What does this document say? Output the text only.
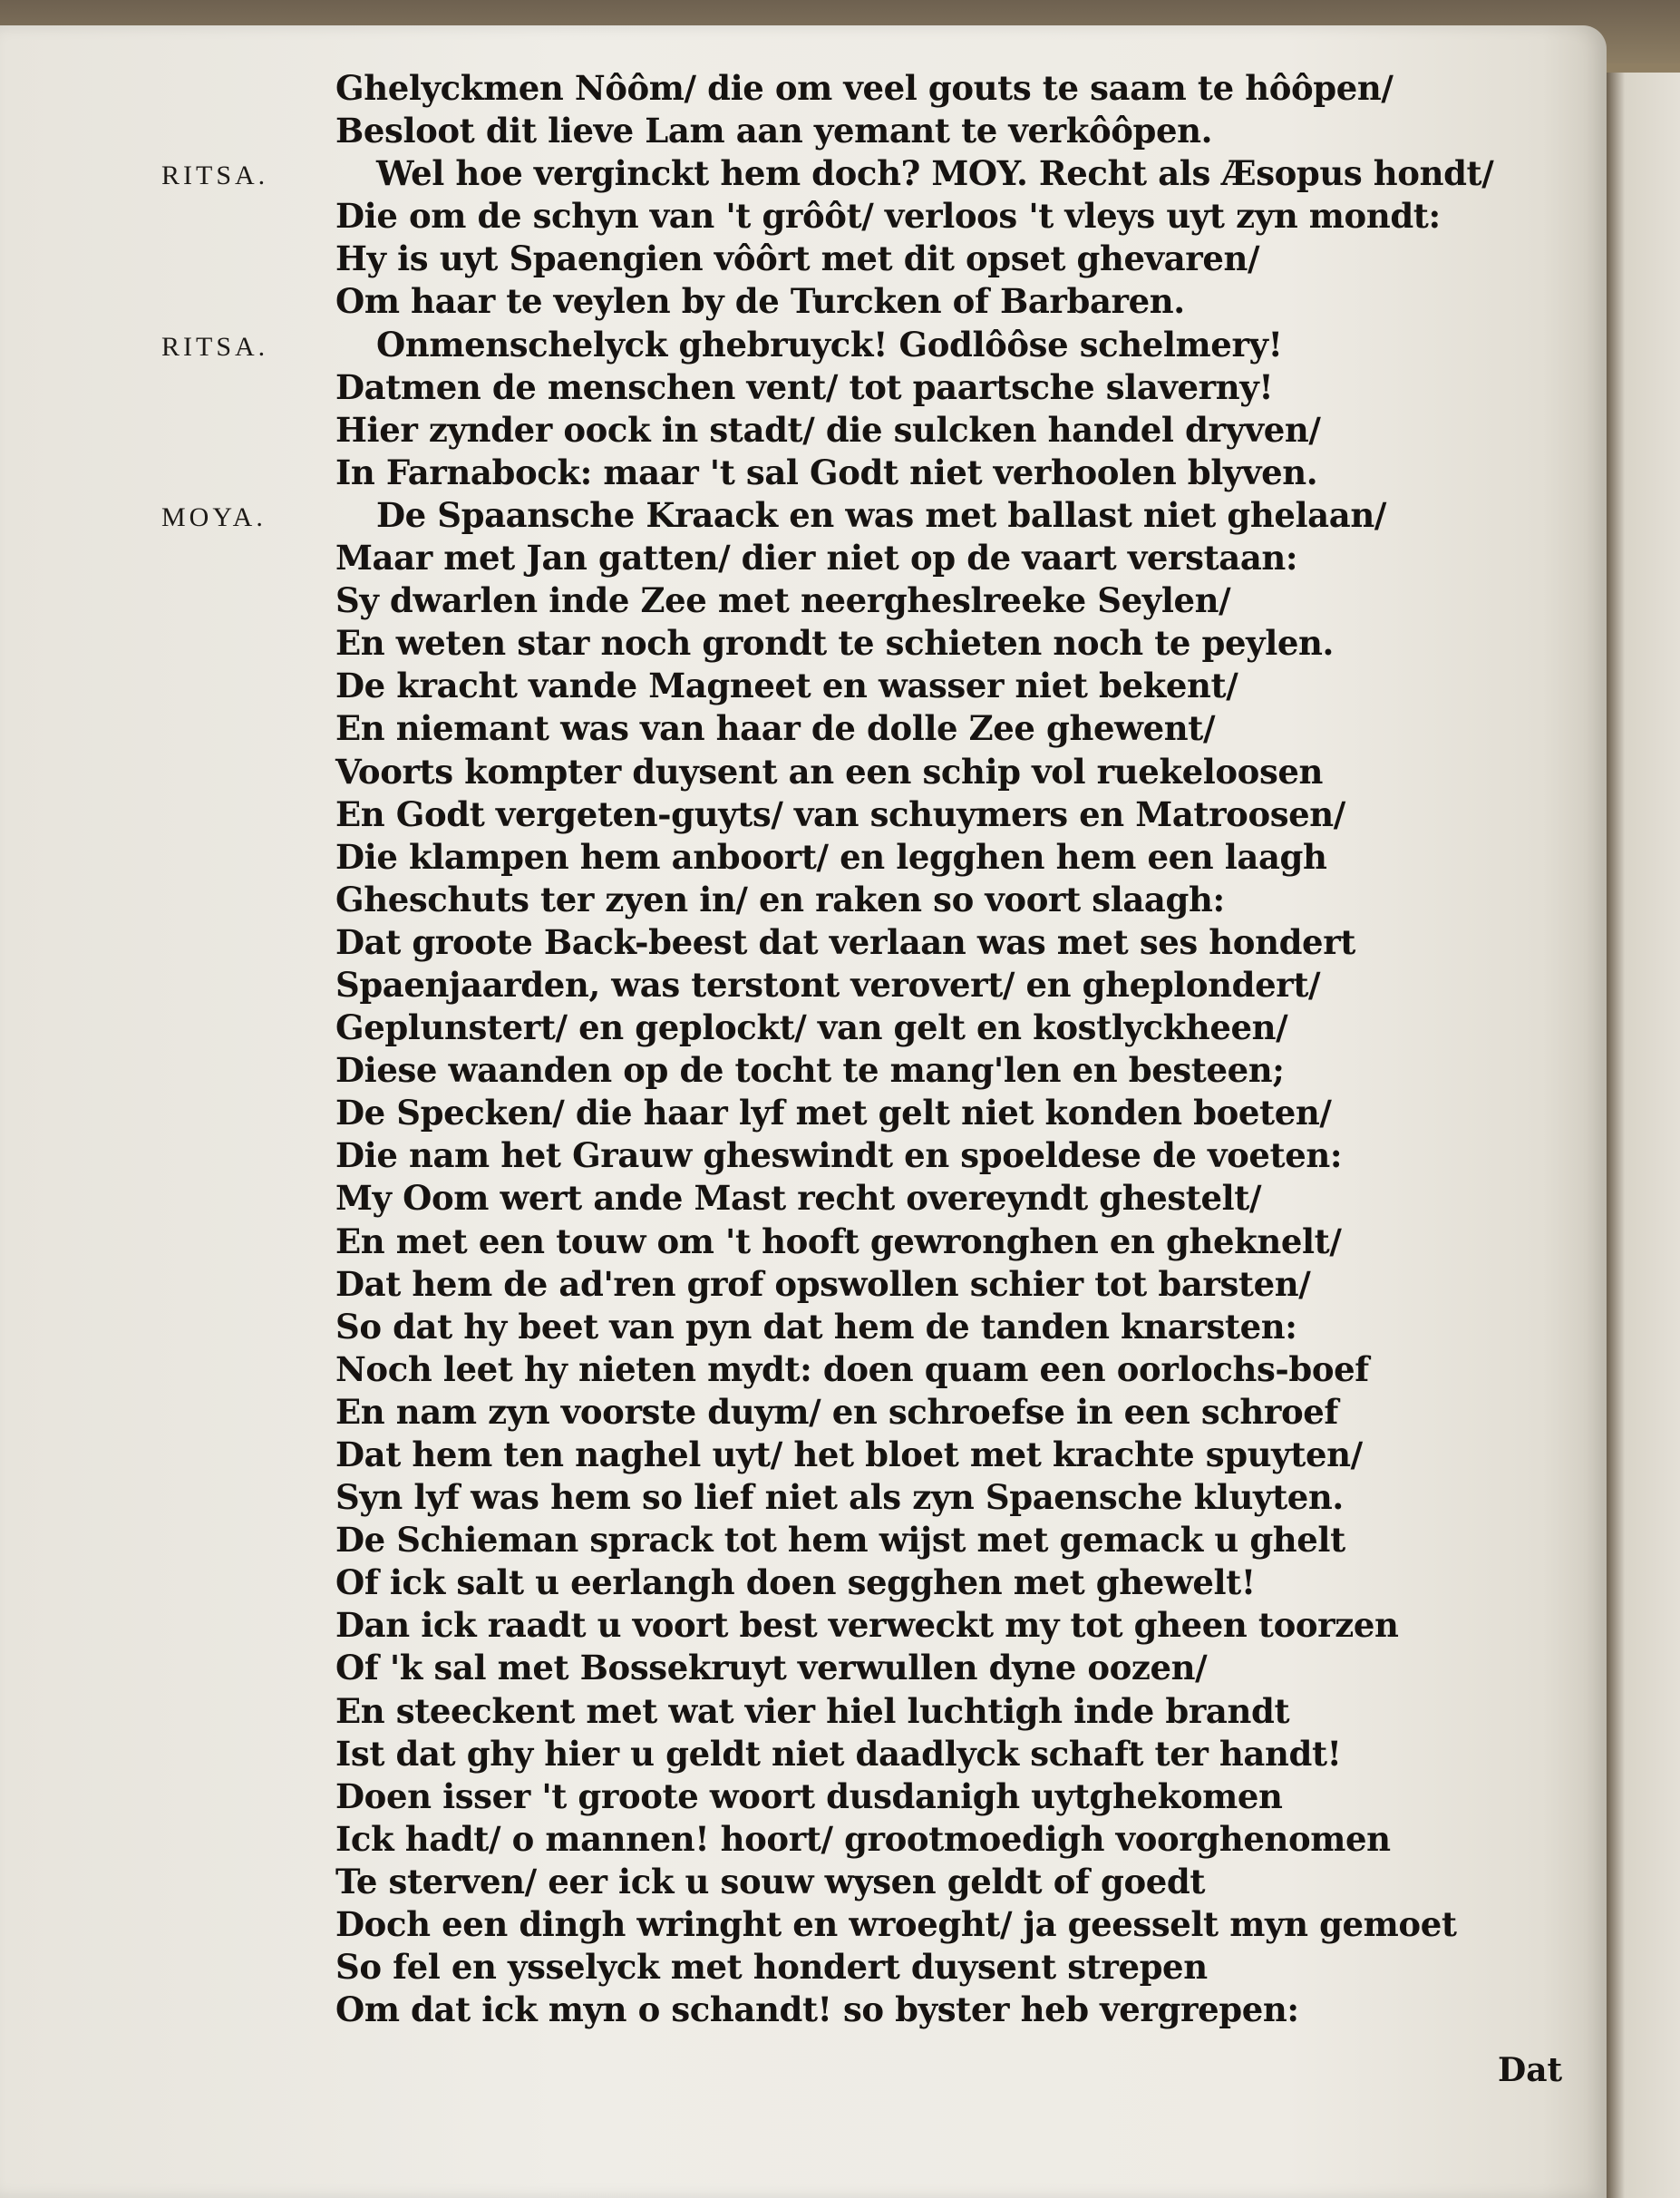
Ghelyckmen Nôôm/ die om veel gouts te saam te hôôpen/
Besloot dit lieve Lam aan yemant te verkôôpen.
RITSA.	Wel hoe verginckt hem doch? MOY. Recht als Æsopus hondt/
Die om de schyn van 't grôôt/ verloos 't vleys uyt zyn mondt:
Hy is uyt Spaengien vôôrt met dit opset ghevaren/
Om haar te veylen by de Turcken of Barbaren.
RITSA.	Onmenschelyck ghebruyck! Godlôôse schelmery!
Datmen de menschen vent/ tot paartsche slaverny!
Hier zynder oock in stadt/ die sulcken handel dryven/
In Farnabock: maar 't sal Godt niet verhoolen blyven.
MOYA.	De Spaansche Kraack en was met ballast niet ghelaan/
Maar met Jan gatten/ dier niet op de vaart verstaan:
Sy dwarlen inde Zee met neergheslreeke Seylen/
En weten star noch grondt te schieten noch te peylen.
De kracht vande Magneet en wasser niet bekent/
En niemant was van haar de dolle Zee ghewent/
Voorts kompter duysent an een schip vol ruekeloosen
En Godt vergeten-guyts/ van schuymers en Matroosen/
Die klampen hem anboort/ en legghen hem een laagh
Gheschuts ter zyen in/ en raken so voort slaagh:
Dat groote Back-beest dat verlaan was met ses hondert
Spaenjaarden, was terstont verovert/ en gheplondert/
Geplunstert/ en geplockt/ van gelt en kostlyckheen/
Diese waanden op de tocht te mang'len en besteen;
De Specken/ die haar lyf met gelt niet konden boeten/
Die nam het Grauw gheswindt en spoeldese de voeten:
My Oom wert ande Mast recht overeyndt ghestelt/
En met een touw om 't hooft gewronghen en gheknelt/
Dat hem de ad'ren grof opswollen schier tot barsten/
So dat hy beet van pyn dat hem de tanden knarsten:
Noch leet hy nieten mydt: doen quam een oorlochs-boef
En nam zyn voorste duym/ en schroefse in een schroef
Dat hem ten naghel uyt/ het bloet met krachte spuyten/
Syn lyf was hem so lief niet als zyn Spaensche kluyten.
De Schieman sprack tot hem wijst met gemack u ghelt
Of ick salt u eerlangh doen segghen met ghewelt!
Dan ick raadt u voort best verweckt my tot gheen toorzen
Of 'k sal met Bossekruyt verwullen dyne oozen/
En steeckent met wat vier hiel luchtigh inde brandt
Ist dat ghy hier u geldt niet daadlyck schaft ter handt!
Doen isser 't groote woort dusdanigh uytghekomen
Ick hadt/ o mannen! hoort/ grootmoedigh voorghenomen
Te sterven/ eer ick u souw wysen geldt of goedt
Doch een dingh wringht en wroeght/ ja geesselt myn gemoet
So fel en ysselyck met hondert duysent strepen
Om dat ick myn o schandt! so byster heb vergrepen:
Dat
